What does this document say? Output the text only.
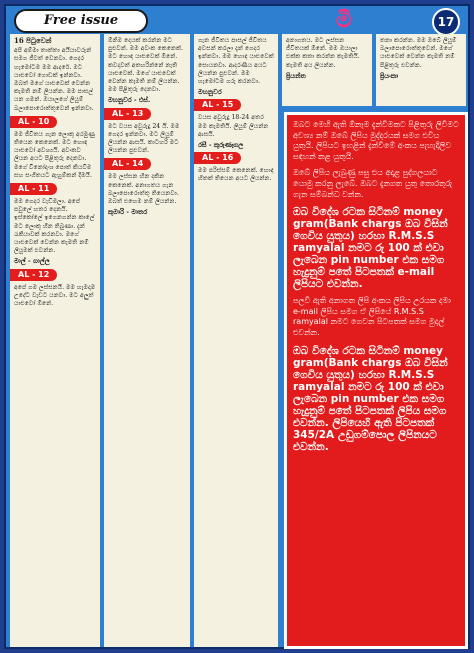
Free issue	මී	17
16 පිටුවෙන්
අපි අම්මා තාත්තා අයියාවරුන් සමග ජීවත් වෙනවා. ගෙදර හැමෝටම මම ආදරේ. මට යාළුවෝ ගොඩක් ඉන්නවා. ඔබත් මගේ යාළුවෙක් වෙන්න කැමති නම් ලියන්න. මම පාසල් යන ගමන්. ඔයාලගේ ලියුම් බලාපොරොත්තුවෙන් ඉන්නවා.
AL - 10
මම ජීවිතය ගැන ලොකු අරමුණු තියෙන කෙනෙක්. මට හොඳ යාළුවෝ අවශ්‍යයි. අවංකව ලියන අයට පිළිතුරු දෙනවා. මගේ විනෝදාංශ පොත් කියවීම සහ සංගීතයට ඇහුම්කන් දීමයි.
AL - 11
මම ගෙදර වැඩිමලා. අපේ පවුලේ හතර දෙනයි. ඉස්කෝලේ ඉගෙනගන්න කාලේ මට ලොකු හීන තිබුණා. දැන් රැකියාවක් කරනවා. මගේ යාළුවෙක් වෙන්න කැමති නම් ලියුමක් එවන්න.
මාල් - ගාල්ල
AL - 12
අපේ ගම ලස්සනයි. මම හැමදාම උදේට වැඩට යනවා. මට අලුත් යාළුවෝ ඕනේ.
ඕනිම දෙයක් කරන්න මට පුළුවන්. මම අවංක කෙනෙක්. මට හොඳ යාළුවෙක් ඕනේ. කවදාවත් අතහරින්නේ නැති යාළුවෙක්. මගේ යාළුවෙක් වෙන්න කැමති නම් ලියන්න. මම පිළිතුරු දෙනවා.
මහනුවර - එස්.
AL - 13
මට වයස අවුරුදු 24 යි. මම ගෙදර ඉන්නවා. මට ලියුම් ලියන්න ආසයි. කාටහරි මට ලියන්න පුළුවන්.
AL - 14
මම ලස්සන හීන දකින කෙනෙක්. අනාගතය ගැන බලාපොරොත්තු තියෙනවා. ඔබත් එහෙම නම් ලියන්න.
කුමාරි - මාතර
ගැන ජීවිතය පාසල් ජීවිතය අවසන් කරලා දැන් ගෙදර ඉන්නවා. මම හොඳ යාළුවෙක් සොයනවා. ආදරණීය අයට ලියන්න පුළුවන්. මම හැමෝටම ගරු කරනවා.
මහනුවර
AL - 15
වයස අවුරුදු 18-24 අතර මම කැමතියි. ලියුම් ලියන්න ආසයි.
රසී - කුරුණෑගල
AL - 16
මම පරිස්සම් කෙනෙක්. හොඳ හිතක් තියෙන අයට ලියන්න.
අනාගතය. මට ලස්සන ජීවිතයක් ඕනේ. මම ඔයාලා එක්ක කතා කරන්න කැමතියි. කැමති අය ලියන්න.
ප්‍රියන්ත
තනා කරන්න. මම ඔබේ ලියුම් බලාපොරොත්තුවෙන්. මගේ යාළුවෙක් වෙන්න කැමති නම් පිළිතුරු එවන්න.
ප්‍රියංකා

ඔබට මෙහි ඇති ඕනෑම දැන්වීමකට පිළිතුරු ලිවීමට අවශ්‍ය නම් ඔබේ ලිපිය මුද්දරයක් සමග එවිය යුතුයි. ලිපියට ඉහළින් දැන්වීමේ අංකය පැහැදිලිව සඳහන් කළ යුතුයි.

ඔබේ ලිපිය ලැබුණු පසු එය අදාළ පුද්ගලයාට යොමු කරනු ලැබේ. ඔබට දැනගත යුතු තොරතුරු ගැන සම්බන්ධ වන්න.

ඔබ විදේශ රටක සිටිනම් money gram(Bank chargs ඔබ විසින් ගෙවිය යුතුය) හරහා R.M.S.S ramyalal නමට රු 100 ක් එවා ලැබෙන pin number එක සමග හැදුනුම් පතේ පිටපතක් e-mail ලිපියට එවන්න.

පලවී ඇති අනාගත ලිපි අංකය ලිපිය උරයක දමා e-mail ලිපිය සමග ඒ ලිපියේ R.M.S.S ramyalal නමට ගෙවන පිටපතක් සමග මුදල් එවන්න.

ඔබ විදේශ රටක සිටිනම් money gram(Bank chargs ඔබ විසින් ගෙවිය යුතුය) හරහා R.M.S.S ramyalal නමට රු 100 ක් එවා ලැබෙන pin number එක සමග හැදුනුම් පතේ පිටපතක් ලිපිය සමග එවන්න. ලිපියෙහි ඇති පිටපතක් 345/2A උඩුගම්පොල ලිපිනයට එවන්න.
